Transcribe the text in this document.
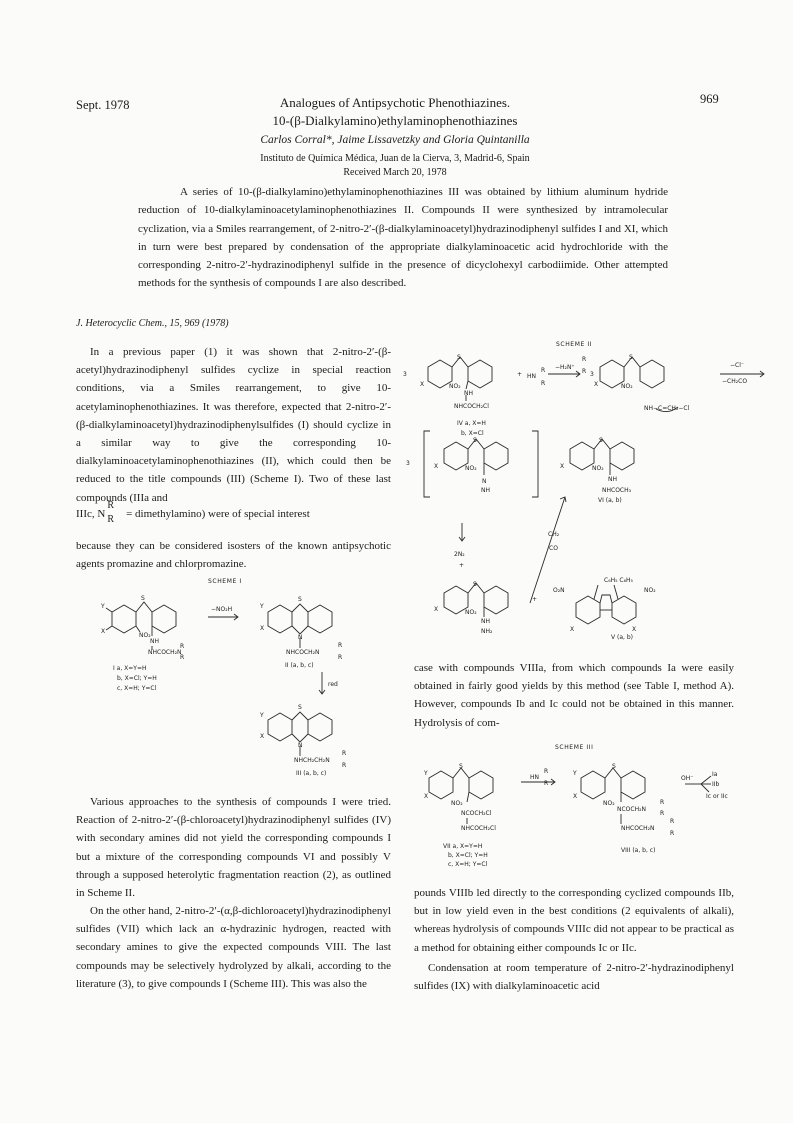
Sept. 1978	969
Analogues of Antipsychotic Phenothiazines.
10-(β-Dialkylamino)ethylaminophenothiazines
Carlos Corral*, Jaime Lissavetzky and Gloria Quintanilla
Instituto de Química Médica, Juan de la Cierva, 3, Madrid-6, Spain
Received March 20, 1978
A series of 10-(β-dialkylamino)ethylaminophenothiazines III was obtained by lithium aluminum hydride reduction of 10-dialkylaminoacetylaminophenothiazines II. Compounds II were synthesized by intramolecular cyclization, via a Smiles rearrangement, of 2-nitro-2′-(β-dialkylaminoacetyl)hydrazinodiphenyl sulfides I and XI, which in turn were best prepared by condensation of the appropriate dialkylaminoacetic acid hydrochloride with the corresponding 2-nitro-2′-hydrazinodiphenyl sulfide in the presence of dicyclohexyl carbodiimide. Other attempted methods for the synthesis of compounds I are also described.
J. Heterocyclic Chem., 15, 969 (1978)
In a previous paper (1) it was shown that 2-nitro-2′-(β-acetyl)hydrazinodiphenyl sulfides cyclize in special reaction conditions, via a Smiles rearrangement, to give 10-acetylaminophenothiazines. It was therefore, expected that 2-nitro-2′-(β-dialkylaminoacetyl)hydrazinodiphenylsulfides (I) should cyclize in a similar way to give the corresponding 10-dialkylaminoacetylaminophenothiazines (II), which could then be reduced to the title compounds (III) (Scheme I). Two of these last compounds (IIIa and
IIIc, N
R
R = dimethylamino) were of special interest
because they can be considered isosters of the known antipsychotic agents promazine and chlorpromazine.
Various approaches to the synthesis of compounds I were tried. Reaction of 2-nitro-2′-(β-chloroacetyl)hydrazinodiphenyl sulfides (IV) with secondary amines did not yield the corresponding compounds I but a mixture of the corresponding compounds VI and possibly V through a supposed heterolytic fragmentation reaction (2), as outlined in Scheme II.
On the other hand, 2-nitro-2′-(α,β-dichloroacetyl)hydrazinodiphenyl sulfides (VII) which lack an α-hydrazinic hydrogen, reacted with secondary amines to give the expected compounds VIII. The last compounds may be selectively hydrolyzed by alkali, according to the literature (3), to give compounds I (Scheme III). This was also the
case with compounds VIIIa, from which compounds Ia were easily obtained in fairly good yields by this method (see Table I, method A). However, compounds Ib and Ic could not be obtained in this manner. Hydrolysis of com-
pounds VIIIb led directly to the corresponding cyclized compounds IIb, but in low yield even in the best conditions (2 equivalents of alkali), whereas hydrolysis of compounds VIIIc did not appear to be practical as a method for obtaining either compounds Ic or IIc.
Condensation at room temperature of 2-nitro-2′-hydrazinodiphenyl sulfides (IX) with dialkylaminoacetic acid
SCHEME I
Y
X
S
NO₂
NH
NHCOCH₂N
R
R
−NO₂H	Y
X
S
N
NHCOCH₂N
R
R
I a, X=Y=H
b, X=Cl; Y=H
c, X=H; Y=Cl
II (a, b, c)
red
Y
X
S
N
NHCH₂CH₂N
R
R
III (a, b, c)
SCHEME II
3
X
S
NO₂
NH
NHCOCH₂Cl
IV a, X=H
b, X=Cl
+ HN
R
R
−H₂N⁺
R
R 3
X
S
NO₂
NH−C=CH₂−Cl
−Cl⁻
−CH₂CO
3	X
S
NO₂
N
NH
X
S
NO₂
NH
NHCOCH₃
VI (a, b)
CH₂
CO
2N₂
+
X
S
NO₂
NH
NH₂
+
C₆H₅ C₆H₅
O₂N	NO₂
X	X
V (a, b)
SCHEME III
Y
X
S
NO₂
NCOCH₂Cl
NHCOCH₂Cl
VII a, X=Y=H
b, X=Cl; Y=H
c, X=H; Y=Cl
HN
R
R
Y
X
S
NO₂
NCOCH₂N
R
R
NHCOCH₂N
R
R
VIII (a, b, c)
OH⁻
Ia
IIb
Ic or IIc
